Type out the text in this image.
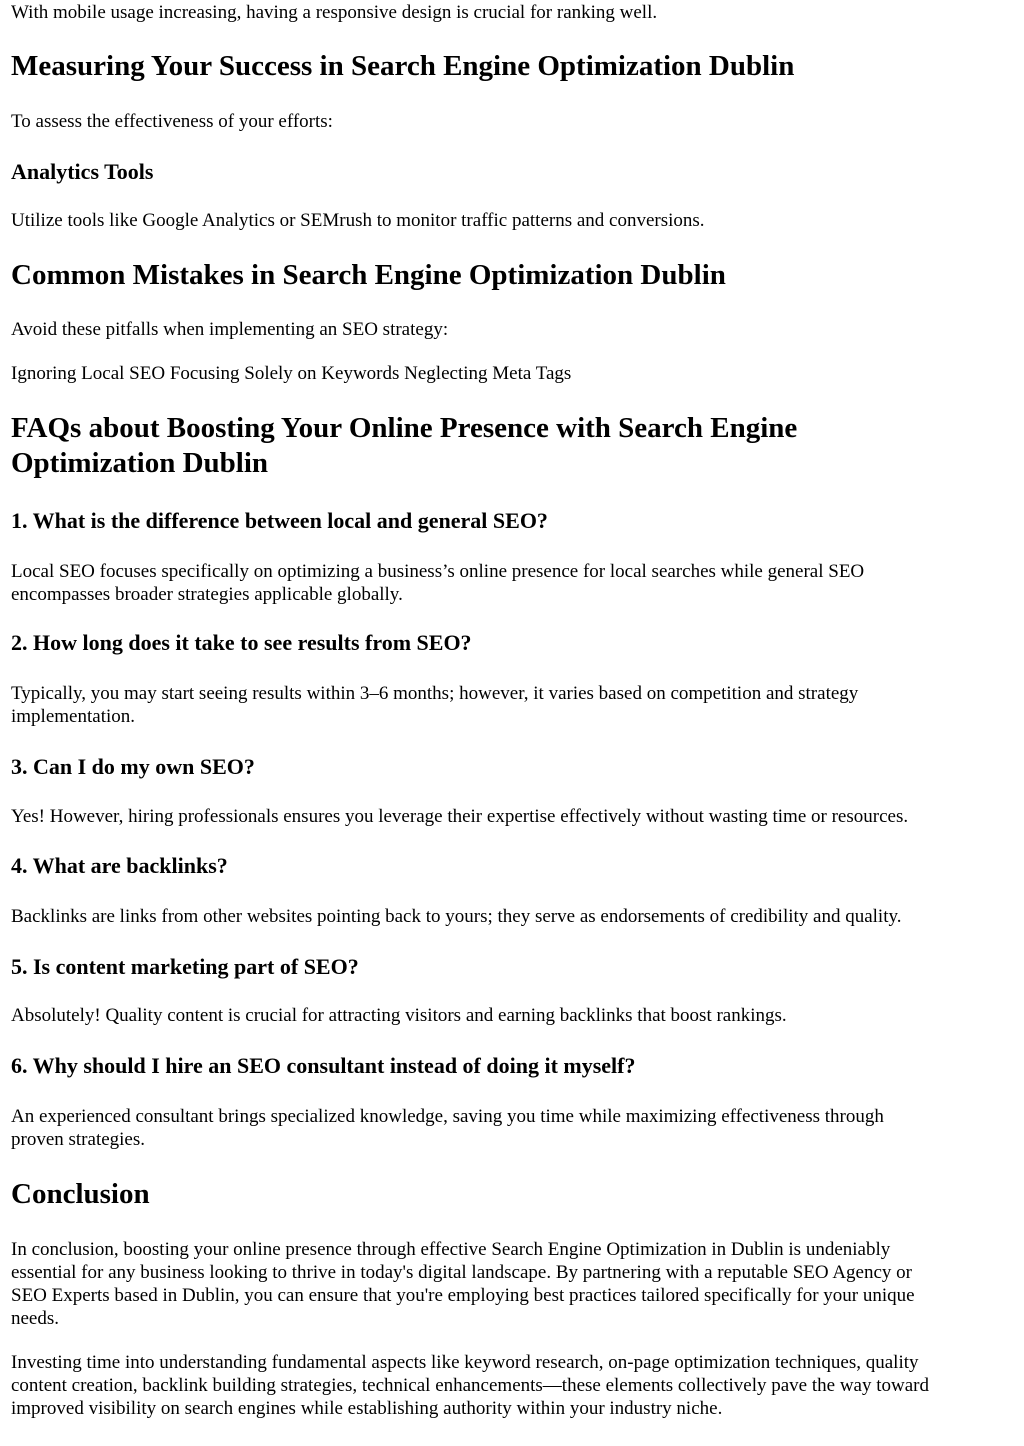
With mobile usage increasing, having a responsive design is crucial for ranking well.

Measuring Your Success in Search Engine Optimization Dublin

To assess the effectiveness of your efforts:

Analytics Tools

Utilize tools like Google Analytics or SEMrush to monitor traffic patterns and conversions.

Common Mistakes in Search Engine Optimization Dublin

Avoid these pitfalls when implementing an SEO strategy:

Ignoring Local SEO Focusing Solely on Keywords Neglecting Meta Tags

FAQs about Boosting Your Online Presence with Search Engine
Optimization Dublin
1. What is the difference between local and general SEO?

Local SEO focuses specifically on optimizing a business’s online presence for local searches while general SEO
encompasses broader strategies applicable globally.

2. How long does it take to see results from SEO?

Typically, you may start seeing results within 3–6 months; however, it varies based on competition and strategy
implementation.

3. Can I do my own SEO?

Yes! However, hiring professionals ensures you leverage their expertise effectively without wasting time or resources.

4. What are backlinks?

Backlinks are links from other websites pointing back to yours; they serve as endorsements of credibility and quality.

5. Is content marketing part of SEO?

Absolutely! Quality content is crucial for attracting visitors and earning backlinks that boost rankings.

6. Why should I hire an SEO consultant instead of doing it myself?

An experienced consultant brings specialized knowledge, saving you time while maximizing effectiveness through
proven strategies.

Conclusion

In conclusion, boosting your online presence through effective Search Engine Optimization in Dublin is undeniably
essential for any business looking to thrive in today's digital landscape. By partnering with a reputable SEO Agency or
SEO Experts based in Dublin, you can ensure that you're employing best practices tailored specifically for your unique
needs.

Investing time into understanding fundamental aspects like keyword research, on-page optimization techniques, quality
content creation, backlink building strategies, technical enhancements—these elements collectively pave the way toward
improved visibility on search engines while establishing authority within your industry niche.
